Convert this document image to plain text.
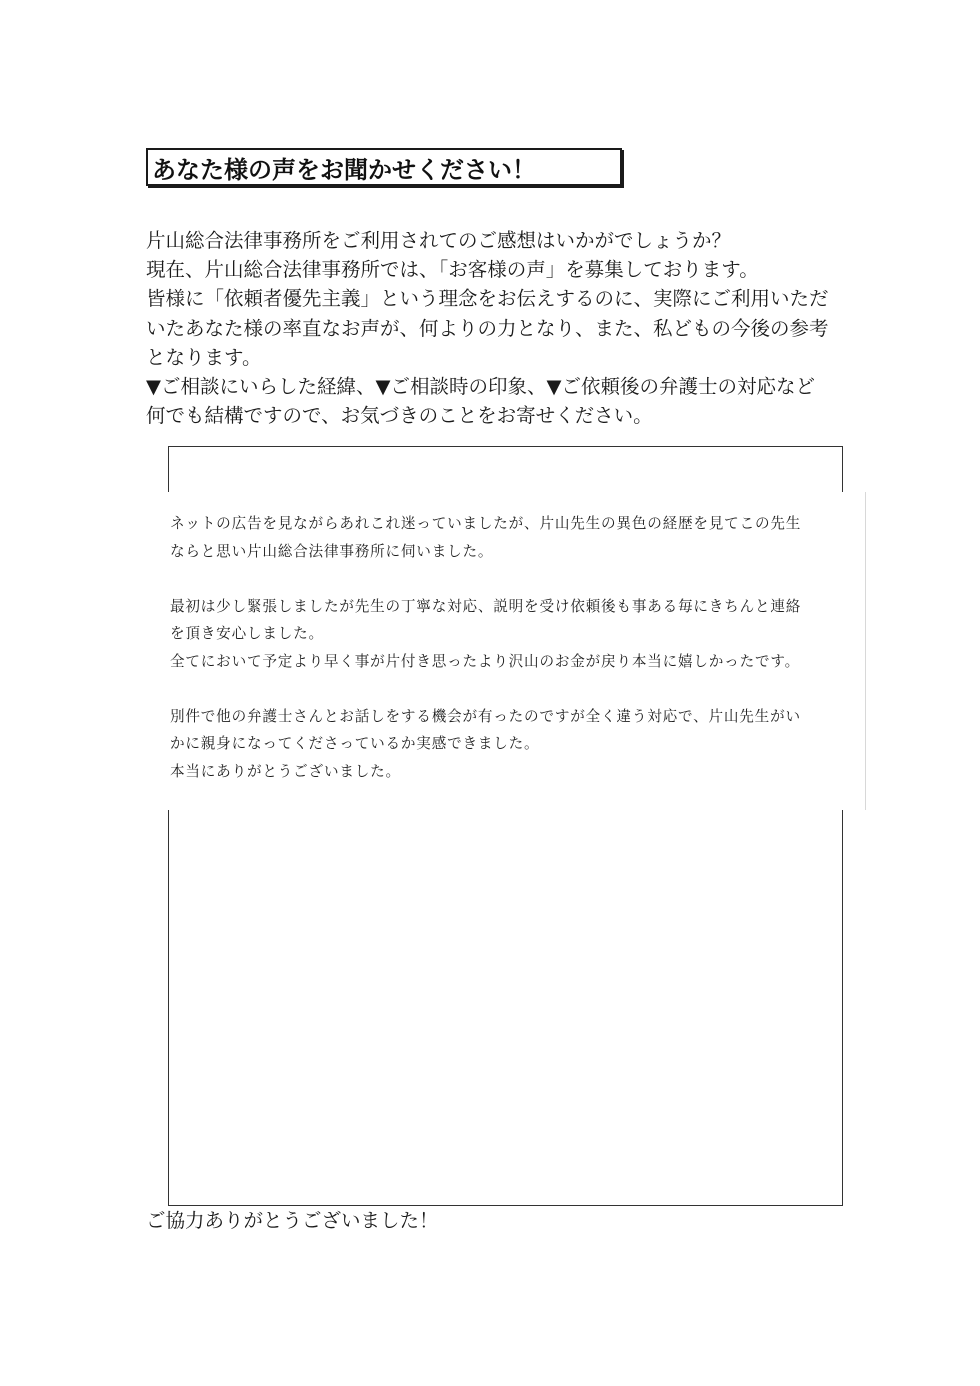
あなた様の声をお聞かせください！

片山総合法律事務所をご利用されてのご感想はいかがでしょうか？

現在、片山総合法律事務所では、「お客様の声」を募集しております。

皆様に「依頼者優先主義」という理念をお伝えするのに、実際にご利用いただ

いたあなた様の率直なお声が、何よりの力となり、また、私どもの今後の参考

となります。

▼ご相談にいらした経緯、▼ご相談時の印象、▼ご依頼後の弁護士の対応など

何でも結構ですので、お気づきのことをお寄せください。

ネットの広告を見ながらあれこれ迷っていましたが、片山先生の異色の経歴を見てこの先生

ならと思い片山総合法律事務所に伺いました。

最初は少し緊張しましたが先生の丁寧な対応、説明を受け依頼後も事ある毎にきちんと連絡

を頂き安心しました。

全てにおいて予定より早く事が片付き思ったより沢山のお金が戻り本当に嬉しかったです。

別件で他の弁護士さんとお話しをする機会が有ったのですが全く違う対応で、片山先生がい

かに親身になってくださっているか実感できました。

本当にありがとうございました。

ご協力ありがとうございました！
